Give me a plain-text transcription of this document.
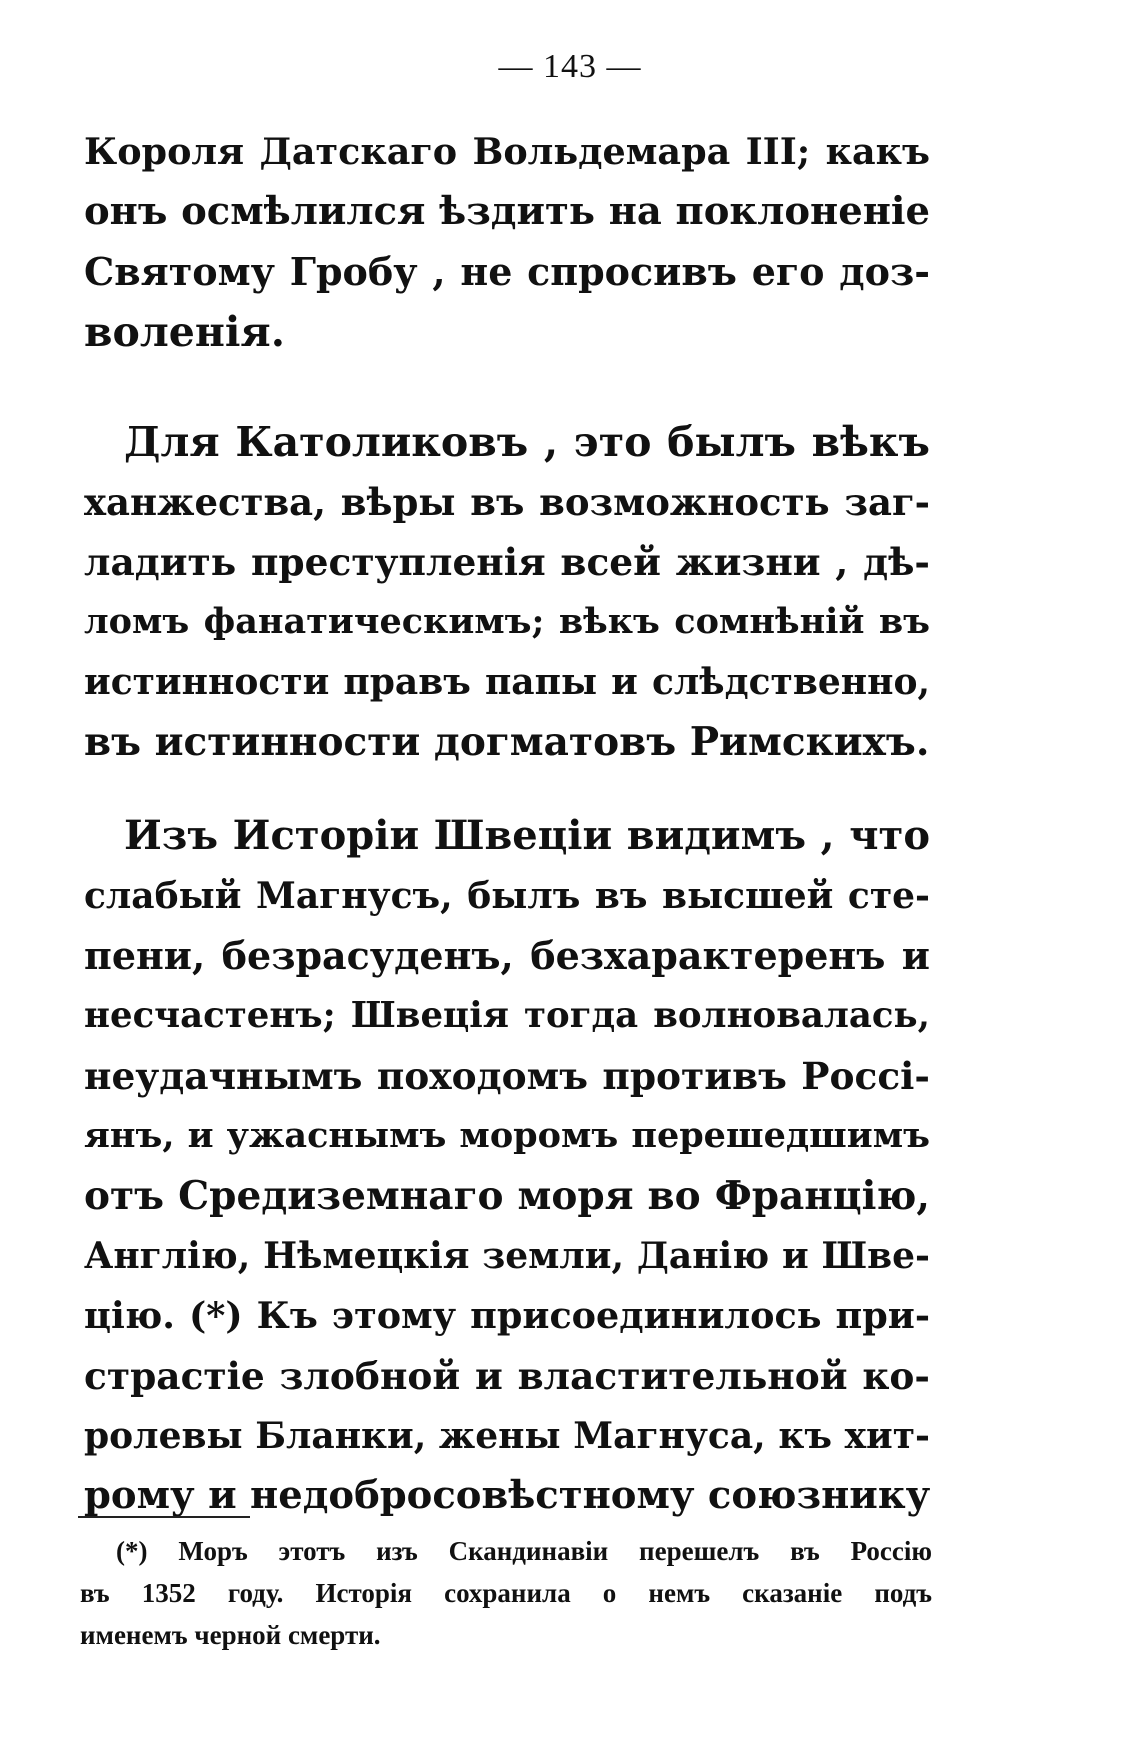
— 143 —
Короля Датскаго Вольдемара III; какъ
онъ осмѣлился ѣздить на поклоненіе
Святому Гробу , не спросивъ его доз-
воленія.
Для Католиковъ , это былъ вѣкъ
ханжества, вѣры въ возможность заг-
ладить преступленія всей жизни , дѣ-
ломъ фанатическимъ; вѣкъ сомнѣній въ
истинности правъ папы и слѣдственно,
въ истинности догматовъ Римскихъ.
Изъ Исторіи Швеціи видимъ , что
слабый Магнусъ, былъ въ высшей сте-
пени, безрасуденъ, безхарактеренъ и
несчастенъ; Швеція тогда волновалась,
неудачнымъ походомъ противъ Россі-
янъ, и ужаснымъ моромъ перешедшимъ
отъ Средиземнаго моря во Францію,
Англію, Нѣмецкія земли, Данію и Шве-
цію. (*) Къ этому присоединилось при-
страстіе злобной и властительной ко-
ролевы Бланки, жены Магнуса, къ хит-
рому и недобросовѣстному союзнику
(*) Моръ этотъ изъ Скандинавіи перешелъ въ Россію
въ 1352 году. Исторія сохранила о немъ сказаніе подъ
именемъ черной смерти.
